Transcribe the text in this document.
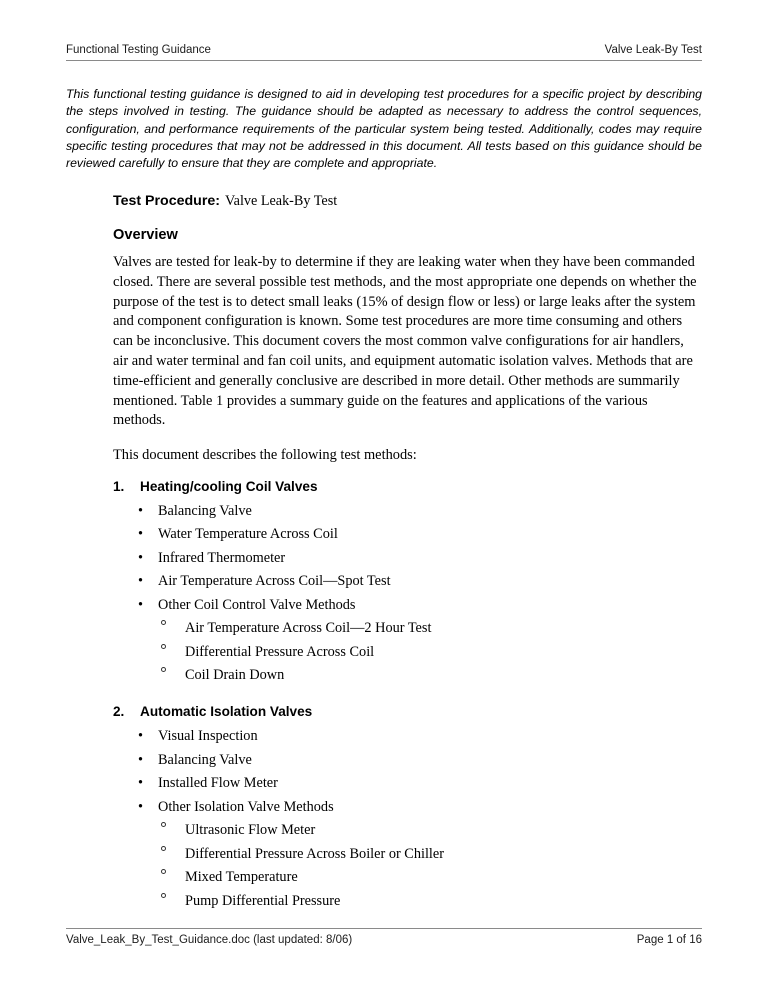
Functional Testing Guidance	Valve Leak-By Test
This functional testing guidance is designed to aid in developing test procedures for a specific project by describing the steps involved in testing. The guidance should be adapted as necessary to address the control sequences, configuration, and performance requirements of the particular system being tested. Additionally, codes may require specific testing procedures that may not be addressed in this document. All tests based on this guidance should be reviewed carefully to ensure that they are complete and appropriate.
Test Procedure: Valve Leak-By Test
Overview

Valves are tested for leak-by to determine if they are leaking water when they have been commanded closed. There are several possible test methods, and the most appropriate one depends on whether the purpose of the test is to detect small leaks (15% of design flow or less) or large leaks after the system and component configuration is known. Some test procedures are more time consuming and others can be inconclusive. This document covers the most common valve configurations for air handlers, air and water terminal and fan coil units, and equipment automatic isolation valves. Methods that are time-efficient and generally conclusive are described in more detail. Other methods are summarily mentioned. Table 1 provides a summary guide on the features and applications of the various methods.

This document describes the following test methods:

1. Heating/cooling Coil Valves
• Balancing Valve
• Water Temperature Across Coil
• Infrared Thermometer
• Air Temperature Across Coil—Spot Test
• Other Coil Control Valve Methods
Air Temperature Across Coil—2 Hour Test
Differential Pressure Across Coil
Coil Drain Down
2. Automatic Isolation Valves
• Visual Inspection
• Balancing Valve
• Installed Flow Meter
• Other Isolation Valve Methods
Ultrasonic Flow Meter
Differential Pressure Across Boiler or Chiller
Mixed Temperature
Pump Differential Pressure
Valve_Leak_By_Test_Guidance.doc (last updated: 8/06)	Page 1 of 16
